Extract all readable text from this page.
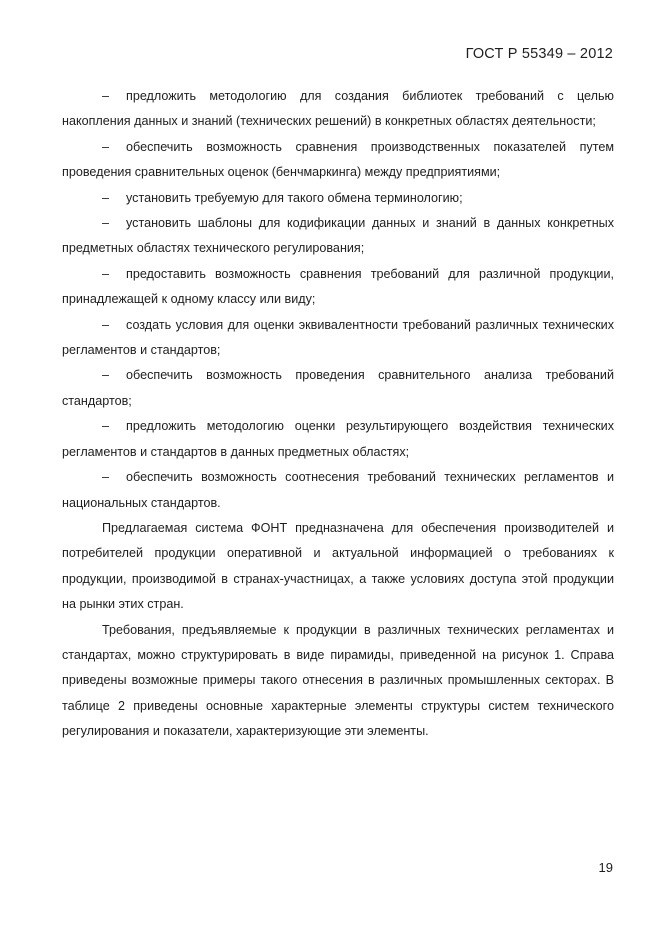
ГОСТ Р 55349 – 2012

– предложить методологию для создания библиотек требований с целью накопления данных и знаний (технических решений) в конкретных областях деятельности;

– обеспечить возможность сравнения производственных показателей путем проведения сравнительных оценок (бенчмаркинга) между предприятиями;

– установить требуемую для такого обмена терминологию;

– установить шаблоны для кодификации данных и знаний в данных конкретных предметных областях технического регулирования;

– предоставить возможность сравнения требований для различной продукции, принадлежащей к одному классу или виду;

– создать условия для оценки эквивалентности требований различных технических регламентов и стандартов;

– обеспечить возможность проведения сравнительного анализа требований стандартов;

– предложить методологию оценки результирующего воздействия технических регламентов и стандартов в данных предметных областях;

– обеспечить возможность соотнесения требований технических регламентов и национальных стандартов.

Предлагаемая система ФОНТ предназначена для обеспечения производителей и потребителей продукции оперативной и актуальной информацией о требованиях к продукции, производимой в странах-участницах, а также условиях доступа этой продукции на рынки этих стран.

Требования, предъявляемые к продукции в различных технических регламентах и стандартах, можно структурировать в виде пирамиды, приведенной на рисунок 1. Справа приведены возможные примеры такого отнесения в различных промышленных секторах. В таблице 2 приведены основные характерные элементы структуры систем технического регулирования и показатели, характеризующие эти элементы.

19
